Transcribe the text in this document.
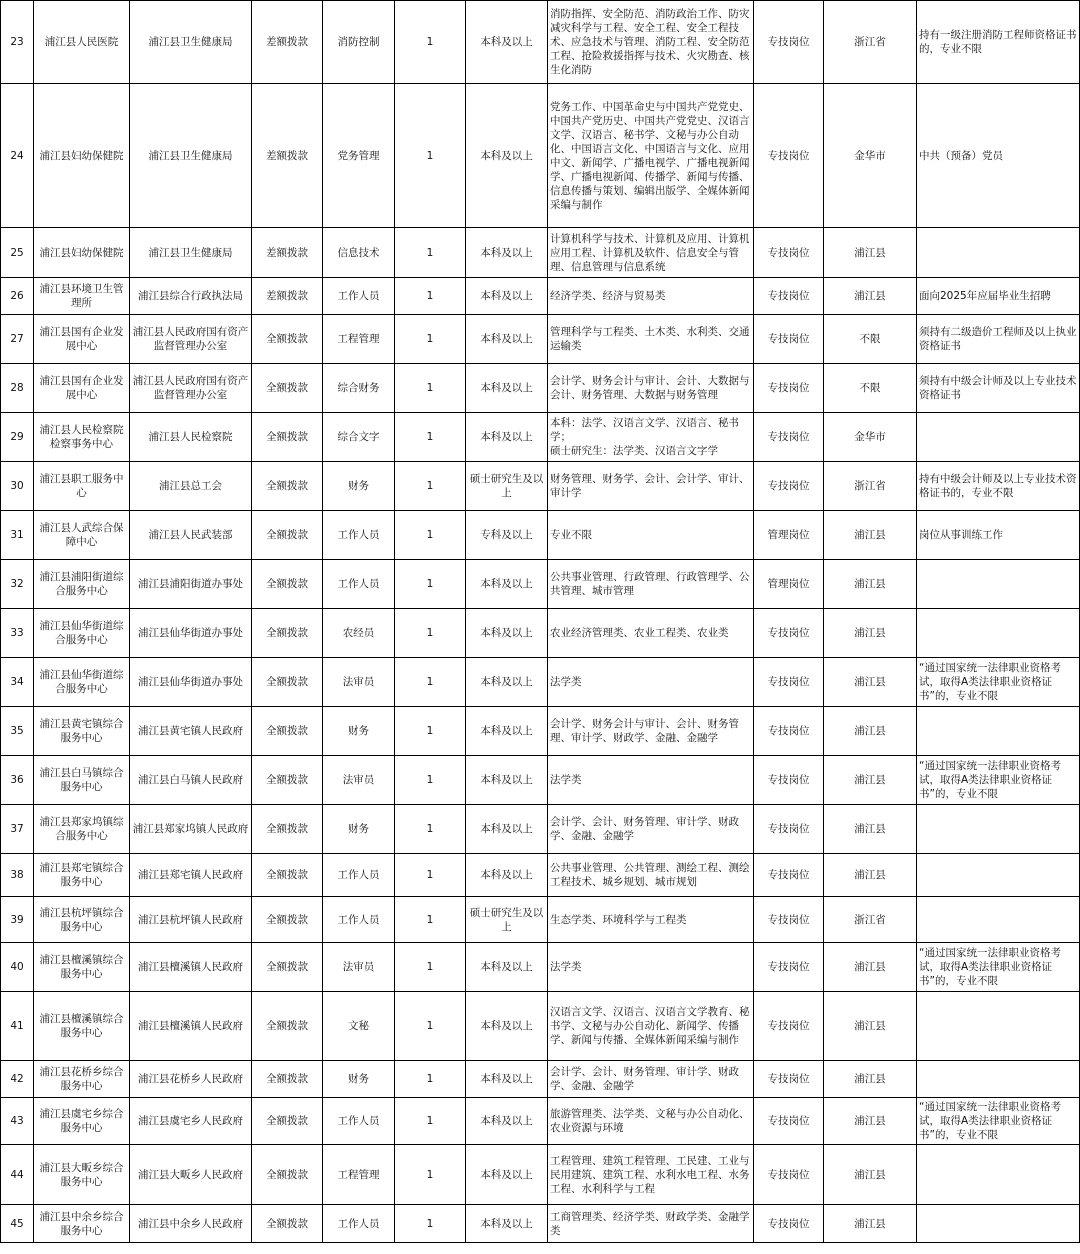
23	浦江县人民医院	浦江县卫生健康局	差额拨款	消防控制	1	本科及以上	消防指挥、安全防范、消防政治工作、防灾减灾科学与工程、安全工程、安全工程技术、应急技术与管理、消防工程、安全防范工程、抢险救援指挥与技术、火灾勘查、核生化消防	专技岗位	浙江省	持有一级注册消防工程师资格证书的，专业不限
24	浦江县妇幼保健院	浦江县卫生健康局	差额拨款	党务管理	1	本科及以上	党务工作、中国革命史与中国共产党党史、中国共产党历史、中国共产党党史、汉语言文学、汉语言、秘书学、文秘与办公自动化、中国语言文化、中国语言与文化、应用中文、新闻学、广播电视学、广播电视新闻学、广播电视新闻、传播学、新闻与传播、信息传播与策划、编辑出版学、全媒体新闻采编与制作	专技岗位	金华市	中共（预备）党员
25	浦江县妇幼保健院	浦江县卫生健康局	差额拨款	信息技术	1	本科及以上	计算机科学与技术、计算机及应用、计算机应用工程、计算机及软件、信息安全与管理、信息管理与信息系统	专技岗位	浦江县	
26	浦江县环境卫生管理所	浦江县综合行政执法局	差额拨款	工作人员	1	本科及以上	经济学类、经济与贸易类	专技岗位	浦江县	面向2025年应届毕业生招聘
27	浦江县国有企业发展中心	浦江县人民政府国有资产监督管理办公室	全额拨款	工程管理	1	本科及以上	管理科学与工程类、土木类、水利类、交通运输类	专技岗位	不限	须持有二级造价工程师及以上执业资格证书
28	浦江县国有企业发展中心	浦江县人民政府国有资产监督管理办公室	全额拨款	综合财务	1	本科及以上	会计学、财务会计与审计、会计、大数据与会计、财务管理、大数据与财务管理	专技岗位	不限	须持有中级会计师及以上专业技术资格证书
29	浦江县人民检察院检察事务中心	浦江县人民检察院	全额拨款	综合文字	1	本科及以上	本科：法学、汉语言文学、汉语言、秘书学；
硕士研究生：法学类、汉语言文字学	专技岗位	金华市	
30	浦江县职工服务中心	浦江县总工会	全额拨款	财务	1	硕士研究生及以上	财务管理、财务学、会计、会计学、审计、审计学	专技岗位	浙江省	持有中级会计师及以上专业技术资格证书的，专业不限
31	浦江县人武综合保障中心	浦江县人民武装部	全额拨款	工作人员	1	专科及以上	专业不限	管理岗位	浦江县	岗位从事训练工作
32	浦江县浦阳街道综合服务中心	浦江县浦阳街道办事处	全额拨款	工作人员	1	本科及以上	公共事业管理、行政管理、行政管理学、公共管理、城市管理	管理岗位	浦江县	
33	浦江县仙华街道综合服务中心	浦江县仙华街道办事处	全额拨款	农经员	1	本科及以上	农业经济管理类、农业工程类、农业类	专技岗位	浦江县	
34	浦江县仙华街道综合服务中心	浦江县仙华街道办事处	全额拨款	法审员	1	本科及以上	法学类	专技岗位	浦江县	“通过国家统一法律职业资格考试，取得A类法律职业资格证书”的，专业不限
35	浦江县黄宅镇综合服务中心	浦江县黄宅镇人民政府	全额拨款	财务	1	本科及以上	会计学、财务会计与审计、会计、财务管理、审计学、财政学、金融、金融学	专技岗位	浦江县	
36	浦江县白马镇综合服务中心	浦江县白马镇人民政府	全额拨款	法审员	1	本科及以上	法学类	专技岗位	浦江县	“通过国家统一法律职业资格考试，取得A类法律职业资格证书”的，专业不限
37	浦江县郑家坞镇综合服务中心	浦江县郑家坞镇人民政府	全额拨款	财务	1	本科及以上	会计学、会计、财务管理、审计学、财政学、金融、金融学	专技岗位	浦江县	
38	浦江县郑宅镇综合服务中心	浦江县郑宅镇人民政府	全额拨款	工作人员	1	本科及以上	公共事业管理、公共管理、测绘工程、测绘工程技术、城乡规划、城市规划	专技岗位	浦江县	
39	浦江县杭坪镇综合服务中心	浦江县杭坪镇人民政府	全额拨款	工作人员	1	硕士研究生及以上	生态学类、环境科学与工程类	专技岗位	浙江省	
40	浦江县檀溪镇综合服务中心	浦江县檀溪镇人民政府	全额拨款	法审员	1	本科及以上	法学类	专技岗位	浦江县	“通过国家统一法律职业资格考试，取得A类法律职业资格证书”的，专业不限
41	浦江县檀溪镇综合服务中心	浦江县檀溪镇人民政府	全额拨款	文秘	1	本科及以上	汉语言文学、汉语言、汉语言文学教育、秘书学、文秘与办公自动化、新闻学、传播学、新闻与传播、全媒体新闻采编与制作	专技岗位	浦江县	
42	浦江县花桥乡综合服务中心	浦江县花桥乡人民政府	全额拨款	财务	1	本科及以上	会计学、会计、财务管理、审计学、财政学、金融、金融学	专技岗位	浦江县	
43	浦江县虞宅乡综合服务中心	浦江县虞宅乡人民政府	全额拨款	工作人员	1	本科及以上	旅游管理类、法学类、文秘与办公自动化、农业资源与环境	专技岗位	浦江县	“通过国家统一法律职业资格考试，取得A类法律职业资格证书”的，专业不限
44	浦江县大畈乡综合服务中心	浦江县大畈乡人民政府	全额拨款	工程管理	1	本科及以上	工程管理、建筑工程管理、工民建、工业与民用建筑、建筑工程、水利水电工程、水务工程、水利科学与工程	专技岗位	浦江县	
45	浦江县中余乡综合服务中心	浦江县中余乡人民政府	全额拨款	工作人员	1	本科及以上	工商管理类、经济学类、财政学类、金融学类	专技岗位	浦江县	
